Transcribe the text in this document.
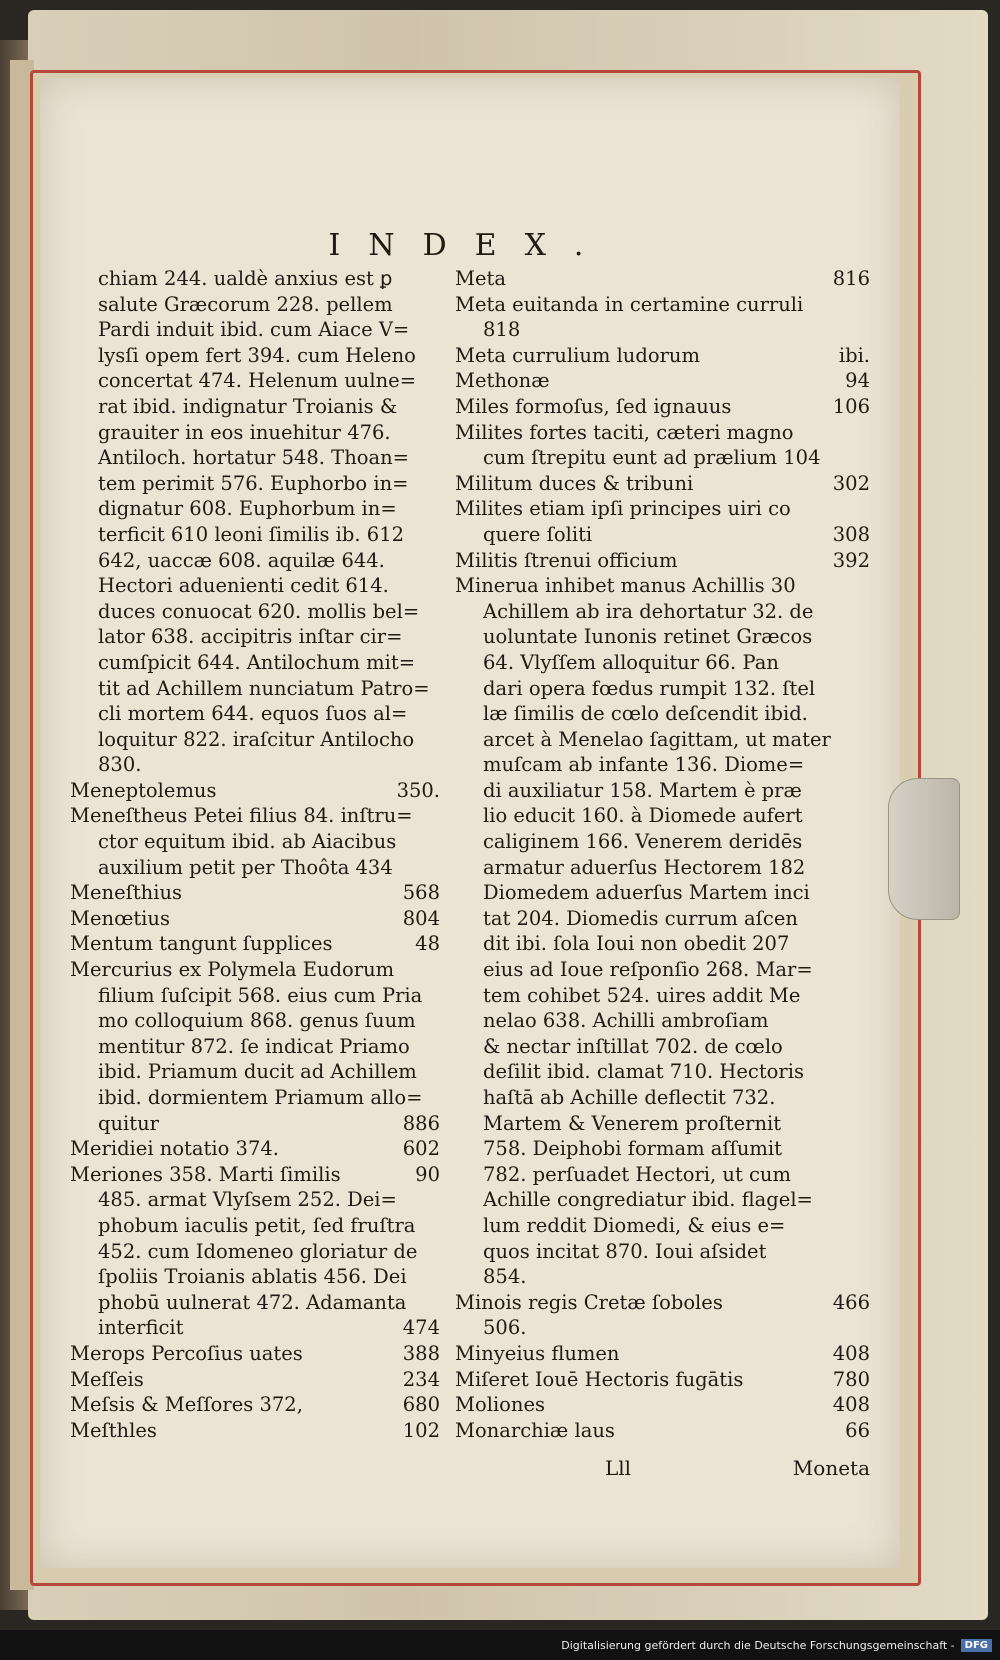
INDEX.
chiam 244. ualdè anxius est ꝑ
salute Græcorum 228. pellem
Pardi induit ibid. cum Aiace V=
lysſi opem fert 394. cum Heleno
concertat 474. Helenum uulne=
rat ibid. indignatur Troianis &
grauiter in eos inuehitur 476.
Antiloch. hortatur 548. Thoan=
tem perimit 576. Euphorbo in=
dignatur 608. Euphorbum in=
terficit 610 leoni ſimilis ib. 612
642, uaccæ 608. aquilæ 644.
Hectori aduenienti cedit 614.
duces conuocat 620. mollis bel=
lator 638. accipitris inſtar cir=
cumſpicit 644. Antilochum mit=
tit ad Achillem nunciatum Patro=
cli mortem 644. equos ſuos al=
loquitur 822. iraſcitur Antilocho
830.
Meneptolemus	350.
Meneſtheus Petei filius 84. inſtru=
ctor equitum ibid. ab Aiacibus
auxilium petit per Thoôta 434
Meneſthius	568
Menœtius	804
Mentum tangunt ſupplices	48
Mercurius ex Polymela Eudorum
filium ſuſcipit 568. eius cum Pria
mo colloquium 868. genus ſuum
mentitur 872. ſe indicat Priamo
ibid. Priamum ducit ad Achillem
ibid. dormientem Priamum allo=
quitur	886
Meridiei notatio 374.	602
Meriones 358. Marti ſimilis	90
485. armat Vlyſsem 252. Dei=
phobum iaculis petit, ſed fruſtra
452. cum Idomeneo gloriatur de
ſpoliis Troianis ablatis 456. Dei
phobū uulnerat 472. Adamanta
interficit	474
Merops Percoſius uates	388
Meſſeis	234
Meſsis & Meſſores 372,	680
Meſthles	102
Meta	816
Meta euitanda in certamine curruli
818
Meta currulium ludorum	ibi.
Methonæ	94
Miles formoſus, ſed ignauus	106
Milites fortes taciti, cæteri magno
cum ſtrepitu eunt ad prælium 104
Militum duces & tribuni	302
Milites etiam ipſi principes uiri co
quere ſoliti	308
Militis ſtrenui officium	392
Minerua inhibet manus Achillis 30
Achillem ab ira dehortatur 32. de
uoluntate Iunonis retinet Græcos
64. Vlyſſem alloquitur 66. Pan
dari opera fœdus rumpit 132. ſtel
læ ſimilis de cœlo deſcendit ibid.
arcet à Menelao ſagittam, ut mater
muſcam ab infante 136. Diome=
di auxiliatur 158. Martem è præ
lio educit 160. à Diomede aufert
caliginem 166. Venerem deridēs
armatur aduerſus Hectorem 182
Diomedem aduerſus Martem inci
tat 204. Diomedis currum aſcen
dit ibi. ſola Ioui non obedit 207
eius ad Ioue reſponſio 268. Mar=
tem cohibet 524. uires addit Me
nelao 638. Achilli ambroſiam
& nectar inſtillat 702. de cœlo
deſilit ibid. clamat 710. Hectoris
haſtā ab Achille deflectit 732.
Martem & Venerem proſternit
758. Deiphobi formam aſſumit
782. perſuadet Hectori, ut cum
Achille congrediatur ibid. flagel=
lum reddit Diomedi, & eius e=
quos incitat 870. Ioui aſsidet
854.
Minois regis Cretæ ſoboles	466
506.
Minyeius flumen	408
Miſeret Iouē Hectoris fugātis	780
Moliones	408
Monarchiæ laus	66
Lll	Moneta
Digitalisierung gefördert durch die Deutsche Forschungsgemeinschaft -	DFG
